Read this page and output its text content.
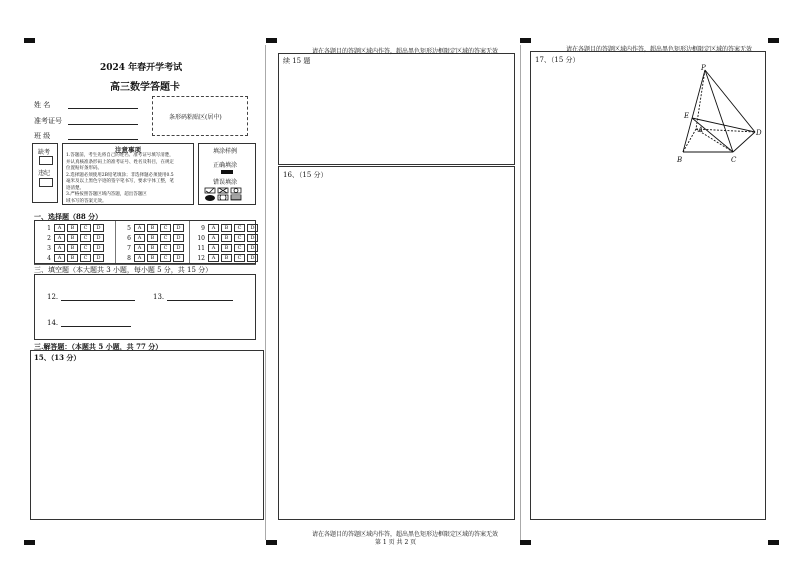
2024 年春开学考试
高三数学答题卡
姓 名
准考证号
班 级
条形码粘贴区(居中)
缺考
违纪
注意事项
1.答题前，考生先将自己的姓名、准考证号填写清楚，
并认真核准条形码上的准考证号、姓名及科目，在规定
位置贴好条形码。
2.选择题必须使用2B铅笔填涂；非选择题必须使用0.5
毫米及以上黑色字迹的签字笔书写，要求字体工整，笔
迹清楚。
3.严格按照答题区域内答题，超出答题区
域书写的答案无效。
填涂样例
正确填涂
错误填涂
一、选择题（88 分）
1	A	B	C	D
2	A	B	C	D
3	A	B	C	D
4	A	B	C	D
5	A	B	C	D
6	A	B	C	D
7	A	B	C	D
8	A	B	C	D
9	A	B	C	D
10	A	B	C	D
11	A	B	C	D
12	A	B	C	D
三、填空题（本大题共 3 小题，每小题 5 分，共 15 分）
12.	13.
14.
三.解答题：（本题共 5 小题，共 77 分）
15、（13 分）
请在各题目的答题区域内作答，超出黑色矩形边框限定区域的答案无效
续 15 题
16、（15 分）
请在各题目的答题区域内作答，超出黑色矩形边框限定区域的答案无效
第 1 页 共 2 页
请在各题目的答题区域内作答，超出黑色矩形边框限定区域的答案无效
17、（15 分）
P
E
A
B	C
D
